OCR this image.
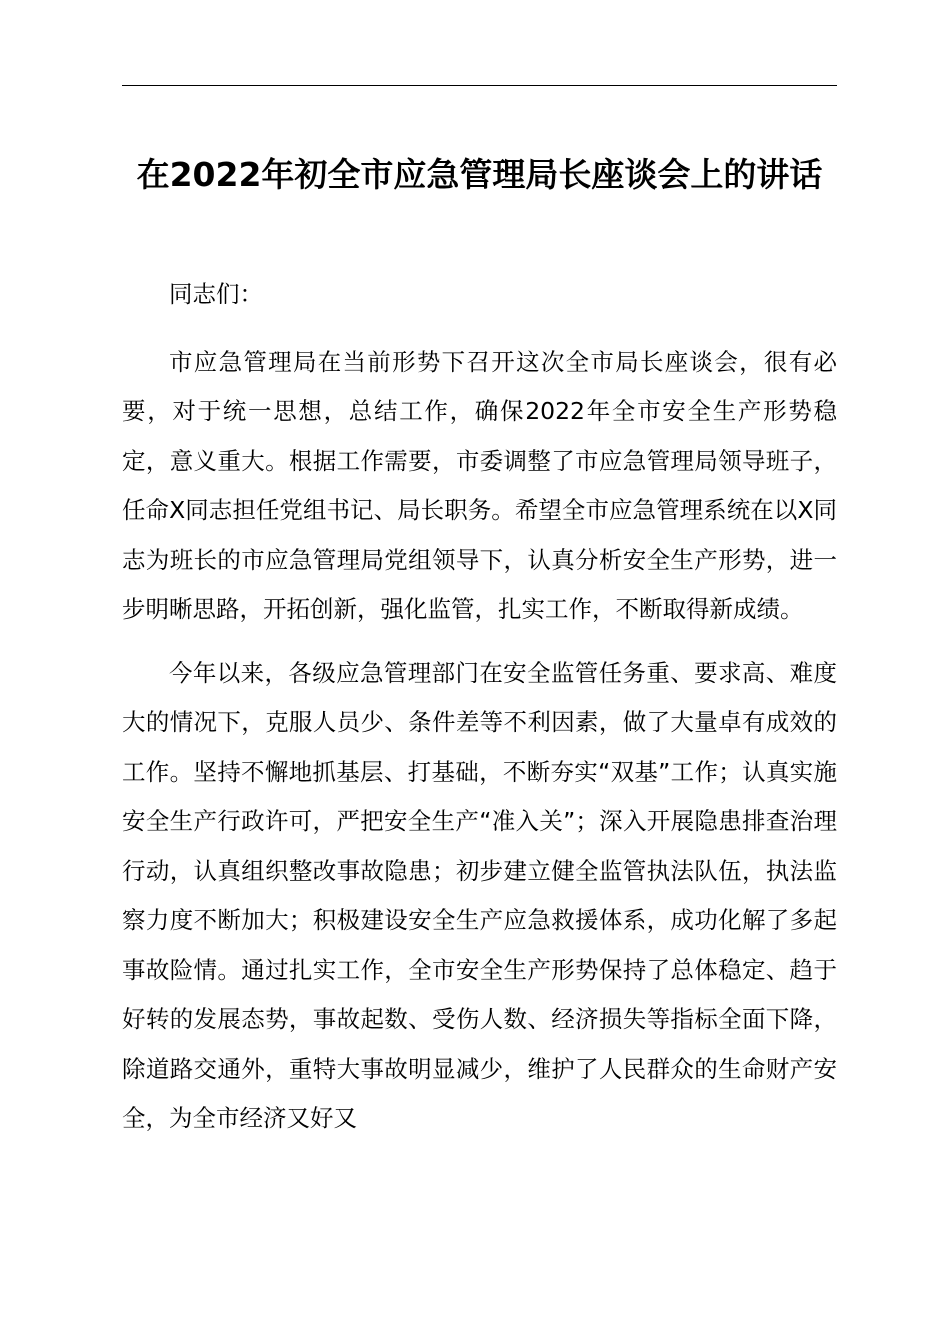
在2022年初全市应急管理局长座谈会上的讲话

同志们：

市应急管理局在当前形势下召开这次全市局长座谈会，很有必要，对于统一思想，总结工作，确保2022年全市安全生产形势稳定，意义重大。根据工作需要，市委调整了市应急管理局领导班子，任命X同志担任党组书记、局长职务。希望全市应急管理系统在以X同志为班长的市应急管理局党组领导下，认真分析安全生产形势，进一步明晰思路，开拓创新，强化监管，扎实工作，不断取得新成绩。

今年以来，各级应急管理部门在安全监管任务重、要求高、难度大的情况下，克服人员少、条件差等不利因素，做了大量卓有成效的工作。坚持不懈地抓基层、打基础，不断夯实“双基”工作；认真实施安全生产行政许可，严把安全生产“准入关”；深入开展隐患排查治理行动，认真组织整改事故隐患；初步建立健全监管执法队伍，执法监察力度不断加大；积极建设安全生产应急救援体系，成功化解了多起事故险情。通过扎实工作，全市安全生产形势保持了总体稳定、趋于好转的发展态势，事故起数、受伤人数、经济损失等指标全面下降，除道路交通外，重特大事故明显减少，维护了人民群众的生命财产安全，为全市经济又好又
